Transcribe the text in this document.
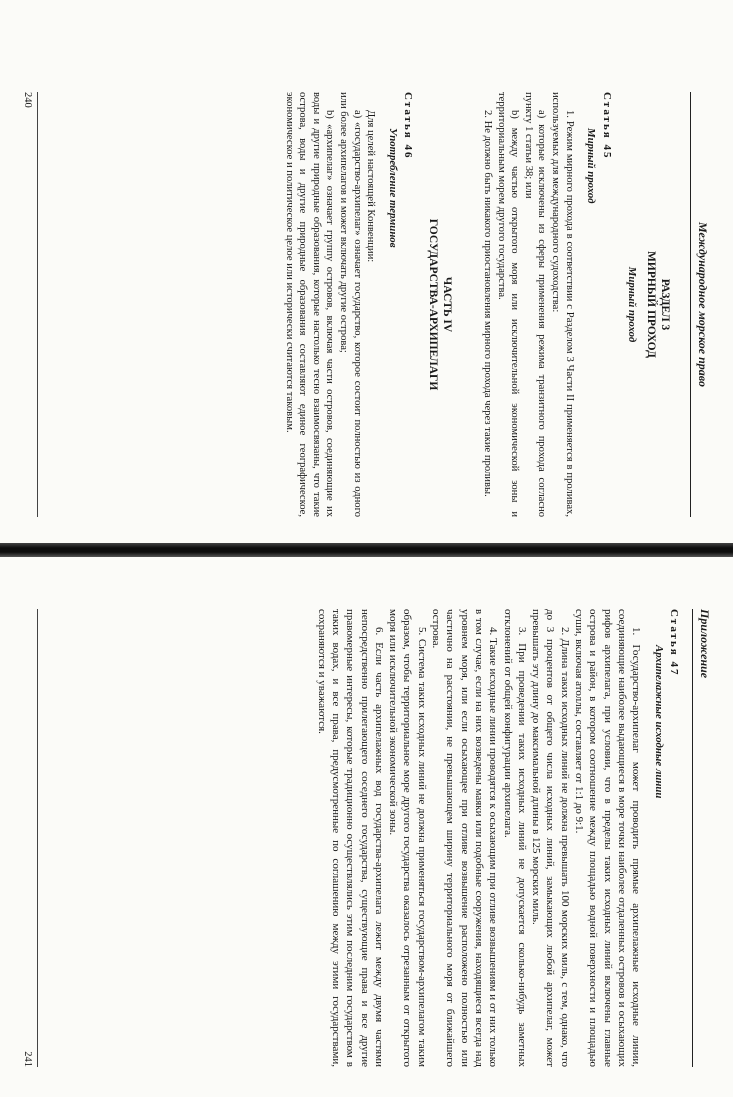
Международное морское право
РАЗДЕЛ 3
МИРНЫЙ ПРОХОД
Мирный проход
Статья 45
Мирный проход

1. Режим мирного прохода в соответствии с Разделом 3 Части II применяется в проливах, используемых для международного судоходства:

a) которые исключены из сферы применения режима транзитного прохода согласно пункту 1 статьи 38; или

b) между частью открытого моря или исключительной экономической зоны и территориальным морем другого государства.

2. Не должно быть никакого приостановления мирного прохода через такие проливы.

ЧАСТЬ IV
ГОСУДАРСТВА-АРХИПЕЛАГИ
Статья 46
Употребление терминов

Для целей настоящей Конвенции:

a) «государство-архипелаг» означает государство, которое состоит полностью из одного или более архипелагов и может включать другие острова;

b) «архипелаг» означает группу островов, включая части островов, соединяющие их воды и другие природные образования, которые настолько тесно взаимосвязаны, что такие острова, воды и другие природные образования составляют единое географическое, экономическое и политическое целое или исторически считаются таковым.

240
Приложение
Статья 47
Архипелажные исходные линии

1. Государство-архипелаг может проводить прямые архипелажные исходные линии, соединяющие наиболее выдающиеся в море точки наиболее отдаленных островов и осыхающих рифов архипелага, при условии, что в пределы таких исходных линий включены главные острова и район, в котором соотношение между площадью водной поверхности и площадью суши, включая атоллы, составляет от 1:1 до 9:1.

2. Длина таких исходных линий не должна превышать 100 морских миль, с тем, однако, что до 3 процентов от общего числа исходных линий, замыкающих любой архипелаг, может превышать эту длину до максимальной длины в 125 морских миль.

3. При проведении таких исходных линий не допускается сколько-нибудь заметных отклонений от общей конфигурации архипелага.

4. Такие исходные линии проводятся к осыхающим при отливе возвышениям и от них только в том случае, если на них возведены маяки или подобные сооружения, находящиеся всегда над уровнем моря, или если осыхающее при отливе возвышение расположено полностью или частично на расстоянии, не превышающем ширину территориального моря от ближайшего острова.

5. Система таких исходных линий не должна применяться государством-архипелагом таким образом, чтобы территориальное море другого государства оказалось отрезанным от открытого моря или исключительной экономической зоны.

6. Если часть архипелажных вод государства-архипелага лежит между двумя частями непосредственно прилегающего соседнего государства, существующие права и все другие правомерные интересы, которые традиционно осуществлялись этим последним государством в таких водах, и все права, предусмотренные по соглашению между этими государствами, сохраняются и уважаются.

241
